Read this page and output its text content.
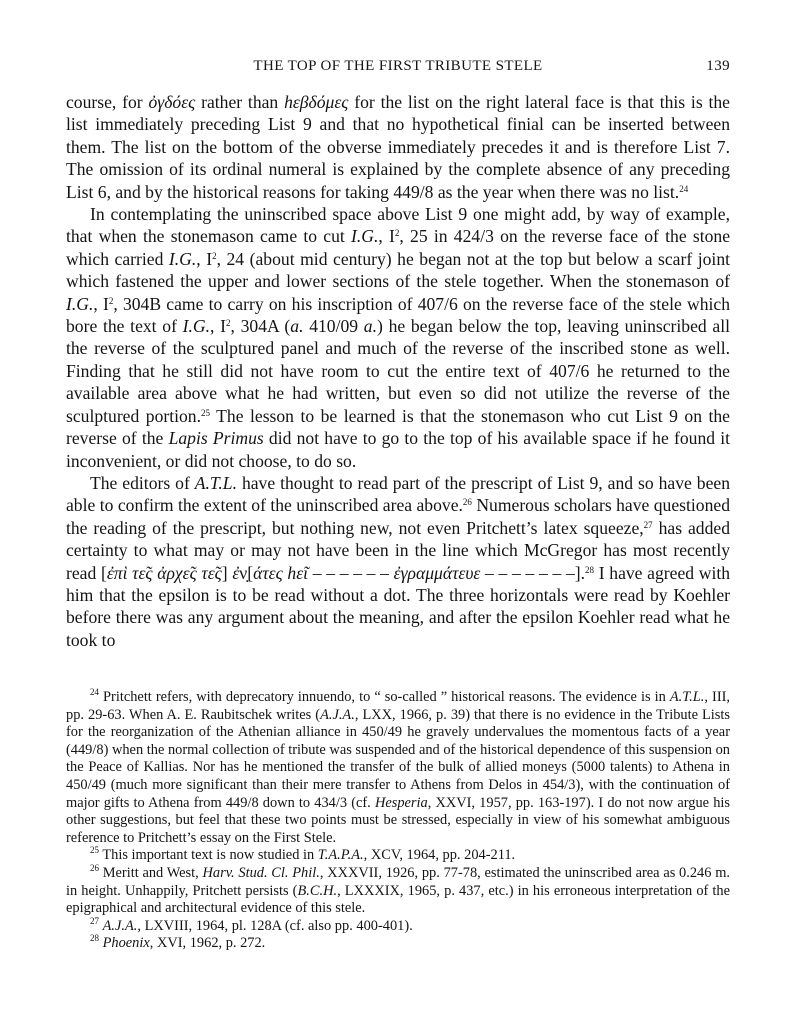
THE TOP OF THE FIRST TRIBUTE STELE	139

course, for ὀγδόες rather than hεβδόμες for the list on the right lateral face is that this is the list immediately preceding List 9 and that no hypothetical finial can be inserted between them. The list on the bottom of the obverse immediately precedes it and is therefore List 7. The omission of its ordinal numeral is explained by the complete absence of any preceding List 6, and by the historical reasons for taking 449/8 as the year when there was no list.$^{24}$

In contemplating the uninscribed space above List 9 one might add, by way of example, that when the stonemason came to cut I.G., $I^2$, 25 in 424/3 on the reverse face of the stone which carried I.G., $I^2$, 24 (about mid century) he began not at the top but below a scarf joint which fastened the upper and lower sections of the stele together. When the stonemason of I.G., $I^2$, 304B came to carry on his inscription of 407/6 on the reverse face of the stele which bore the text of I.G., $I^2$, 304A (a. 410/09 a.) he began below the top, leaving uninscribed all the reverse of the sculptured panel and much of the reverse of the inscribed stone as well. Finding that he still did not have room to cut the entire text of 407/6 he returned to the available area above what he had written, but even so did not utilize the reverse of the sculptured portion.$^{25}$ The lesson to be learned is that the stonemason who cut List 9 on the reverse of the Lapis Primus did not have to go to the top of his available space if he found it inconvenient, or did not choose, to do so.

The editors of A.T.L. have thought to read part of the prescript of List 9, and so have been able to confirm the extent of the uninscribed area above.$^{26}$ Numerous scholars have questioned the reading of the prescript, but nothing new, not even Pritchett’s latex squeeze,$^{27}$ has added certainty to what may or may not have been in the line which McGregor has most recently read [ἐπὶ τε̃ς ἀρχε̃ς τε̃ς] ἐν̣[άτες hε̃ι – – – – – – ἐγραμμάτευε – – – – – – –].$^{28}$ I have agreed with him that the epsilon is to be read without a dot. The three horizontals were read by Koehler before there was any argument about the meaning, and after the epsilon Koehler read what he took to

$^{24}$ Pritchett refers, with deprecatory innuendo, to “ so-called ” historical reasons. The evidence is in A.T.L., III, pp. 29-63. When A. E. Raubitschek writes (A.J.A., LXX, 1966, p. 39) that there is no evidence in the Tribute Lists for the reorganization of the Athenian alliance in 450/49 he gravely undervalues the momentous facts of a year (449/8) when the normal collection of tribute was suspended and of the historical dependence of this suspension on the Peace of Kallias. Nor has he mentioned the transfer of the bulk of allied moneys (5000 talents) to Athena in 450/49 (much more significant than their mere transfer to Athens from Delos in 454/3), with the continuation of major gifts to Athena from 449/8 down to 434/3 (cf. Hesperia, XXVI, 1957, pp. 163-197). I do not now argue his other suggestions, but feel that these two points must be stressed, especially in view of his somewhat ambiguous reference to Pritchett’s essay on the First Stele.

$^{25}$ This important text is now studied in T.A.P.A., XCV, 1964, pp. 204-211.

$^{26}$ Meritt and West, Harv. Stud. Cl. Phil., XXXVII, 1926, pp. 77-78, estimated the uninscribed area as 0.246 m. in height. Unhappily, Pritchett persists (B.C.H., LXXXIX, 1965, p. 437, etc.) in his erroneous interpretation of the epigraphical and architectural evidence of this stele.

$^{27}$ A.J.A., LXVIII, 1964, pl. 128A (cf. also pp. 400-401).

$^{28}$ Phoenix, XVI, 1962, p. 272.
